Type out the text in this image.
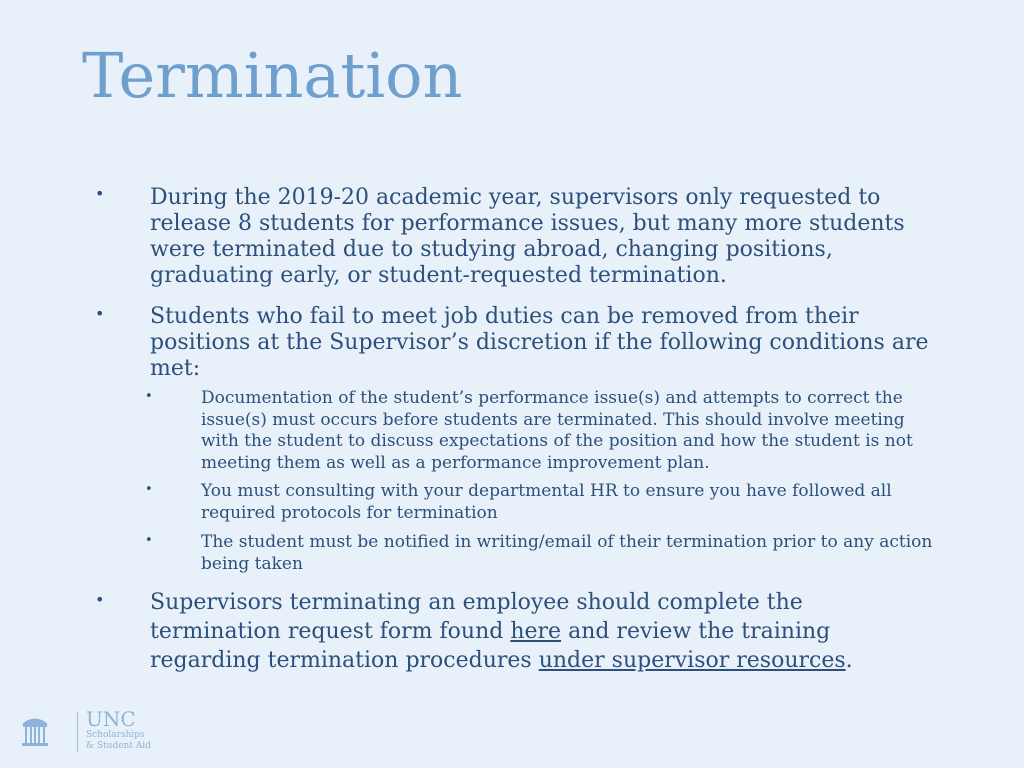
Termination
• During the 2019-20 academic year, supervisors only requested to release 8 students for performance issues, but many more students were terminated due to studying abroad, changing positions, graduating early, or student-requested termination.
• Students who fail to meet job duties can be removed from their positions at the Supervisor’s discretion if the following conditions are met:
•	Documentation of the student’s performance issue(s) and attempts to correct the issue(s) must occurs before students are terminated. This should involve meeting with the student to discuss expectations of the position and how the student is not meeting them as well as a performance improvement plan.
•	You must consulting with your departmental HR to ensure you have followed all required protocols for termination
•	The student must be notified in writing/email of their termination prior to any action being taken
• Supervisors terminating an employee should complete the termination request form found here and review the training regarding termination procedures under supervisor resources.
UNC
Scholarships
& Student Aid
